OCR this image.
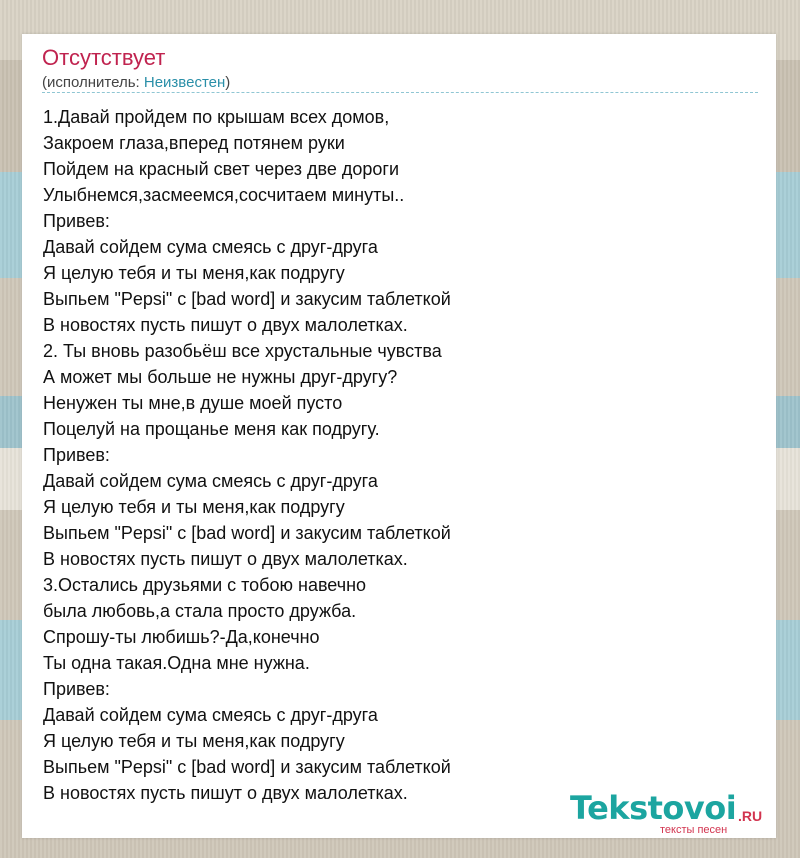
Отсутствует
(исполнитель: Неизвестен)
1.Давай пройдем по крышам всех домов,
Закроем глаза,вперед потянем руки
Пойдем на красный свет через две дороги
Улыбнемся,засмеемся,сосчитаем минуты..
Привев:
Давай сойдем сума смеясь с друг-друга
Я целую тебя и ты меня,как подругу
Выпьем "Pepsi" с [bad word] и закусим таблеткой
В новостях пусть пишут о двух малолетках.
2. Ты вновь разобьёш все хрустальные чувства
А может мы больше не нужны друг-другу?
Ненужен ты мне,в душе моей пусто
Поцелуй на прощанье меня как подругу.
Привев:
Давай сойдем сума смеясь с друг-друга
Я целую тебя и ты меня,как подругу
Выпьем "Pepsi" с [bad word] и закусим таблеткой
В новостях пусть пишут о двух малолетках.
3.Остались друзьями с тобою навечно
была любовь,а стала просто дружба.
Спрошу-ты любишь?-Да,конечно
Ты одна такая.Одна мне нужна.
Привев:
Давай сойдем сума смеясь с друг-друга
Я целую тебя и ты меня,как подругу
Выпьем "Pepsi" с [bad word] и закусим таблеткой
В новостях пусть пишут о двух малолетках.	Tekstovoi .RU
тексты песен
